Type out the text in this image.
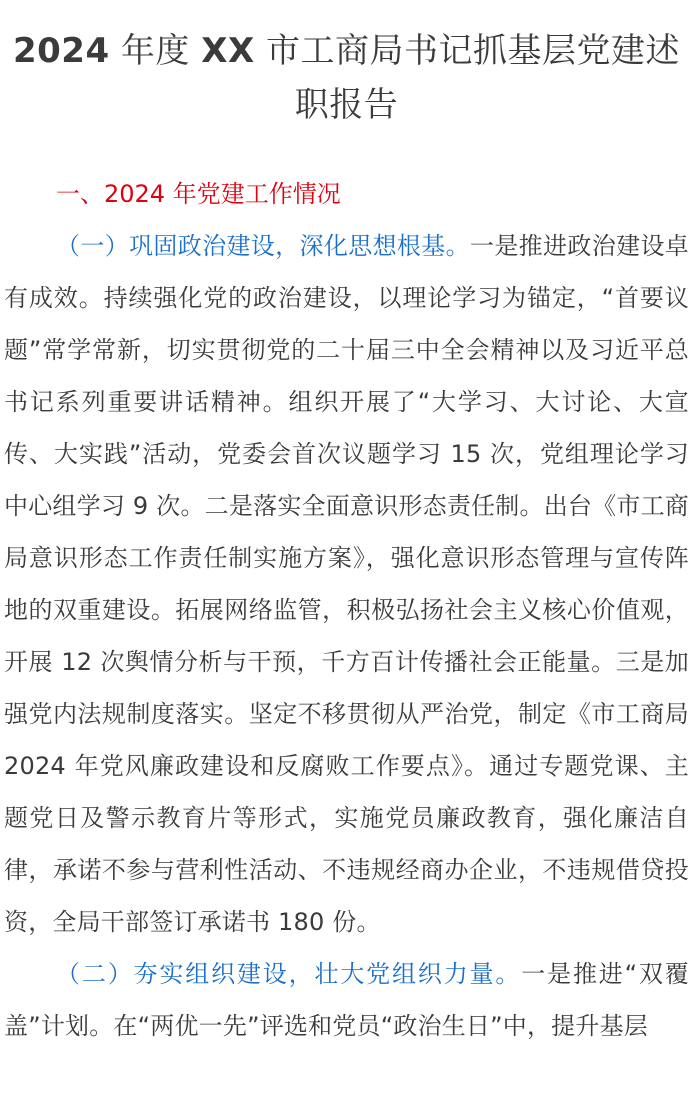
2024 年度 XX 市工商局书记抓基层党建述职报告
一、2024 年党建工作情况

（一）巩固政治建设，深化思想根基。一是推进政治建设卓有成效。持续强化党的政治建设，以理论学习为锚定，“首要议题”常学常新，切实贯彻党的二十届三中全会精神以及习近平总书记系列重要讲话精神。组织开展了“大学习、大讨论、大宣传、大实践”活动，党委会首次议题学习 15 次，党组理论学习中心组学习 9 次。二是落实全面意识形态责任制。出台《市工商局意识形态工作责任制实施方案》，强化意识形态管理与宣传阵地的双重建设。拓展网络监管，积极弘扬社会主义核心价值观，开展 12 次舆情分析与干预，千方百计传播社会正能量。三是加强党内法规制度落实。坚定不移贯彻从严治党，制定《市工商局 2024 年党风廉政建设和反腐败工作要点》。通过专题党课、主题党日及警示教育片等形式，实施党员廉政教育，强化廉洁自律，承诺不参与营利性活动、不违规经商办企业，不违规借贷投资，全局干部签订承诺书 180 份。

（二）夯实组织建设，壮大党组织力量。一是推进“双覆盖”计划。在“两优一先”评选和党员“政治生日”中，提升基层
